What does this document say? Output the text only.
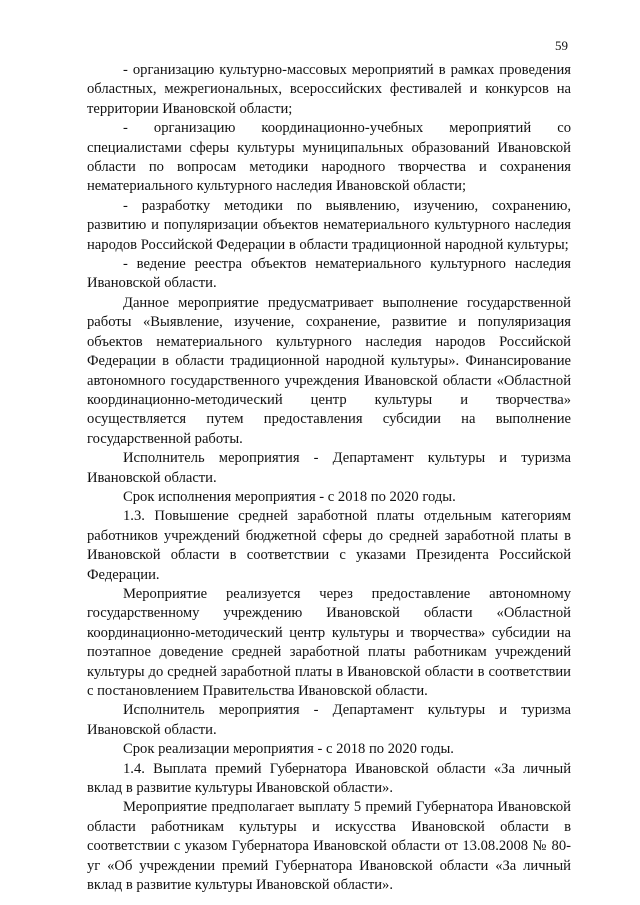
59

- организацию культурно-массовых мероприятий в рамках проведения областных, межрегиональных, всероссийских фестивалей и конкурсов на территории Ивановской области;

- организацию координационно-учебных мероприятий со специалистами сферы культуры муниципальных образований Ивановской области по вопросам методики народного творчества и сохранения нематериального культурного наследия Ивановской области;

- разработку методики по выявлению, изучению, сохранению, развитию и популяризации объектов нематериального культурного наследия народов Российской Федерации в области традиционной народной культуры;

- ведение реестра объектов нематериального культурного наследия Ивановской области.

Данное мероприятие предусматривает выполнение государственной работы «Выявление, изучение, сохранение, развитие и популяризация объектов нематериального культурного наследия народов Российской Федерации в области традиционной народной культуры». Финансирование автономного государственного учреждения Ивановской области «Областной координационно-методический центр культуры и творчества» осуществляется путем предоставления субсидии на выполнение государственной работы.

Исполнитель мероприятия - Департамент культуры и туризма Ивановской области.

Срок исполнения мероприятия - с 2018 по 2020 годы.

1.3. Повышение средней заработной платы отдельным категориям работников учреждений бюджетной сферы до средней заработной платы в Ивановской области в соответствии с указами Президента Российской Федерации.

Мероприятие реализуется через предоставление автономному государственному учреждению Ивановской области «Областной координационно-методический центр культуры и творчества» субсидии на поэтапное доведение средней заработной платы работникам учреждений культуры до средней заработной платы в Ивановской области в соответствии с постановлением Правительства Ивановской области.

Исполнитель мероприятия - Департамент культуры и туризма Ивановской области.

Срок реализации мероприятия - с 2018 по 2020 годы.

1.4. Выплата премий Губернатора Ивановской области «За личный вклад в развитие культуры Ивановской области».

Мероприятие предполагает выплату 5 премий Губернатора Ивановской области работникам культуры и искусства Ивановской области в соответствии с указом Губернатора Ивановской области от 13.08.2008 № 80-уг «Об учреждении премий Губернатора Ивановской области «За личный вклад в развитие культуры Ивановской области».
